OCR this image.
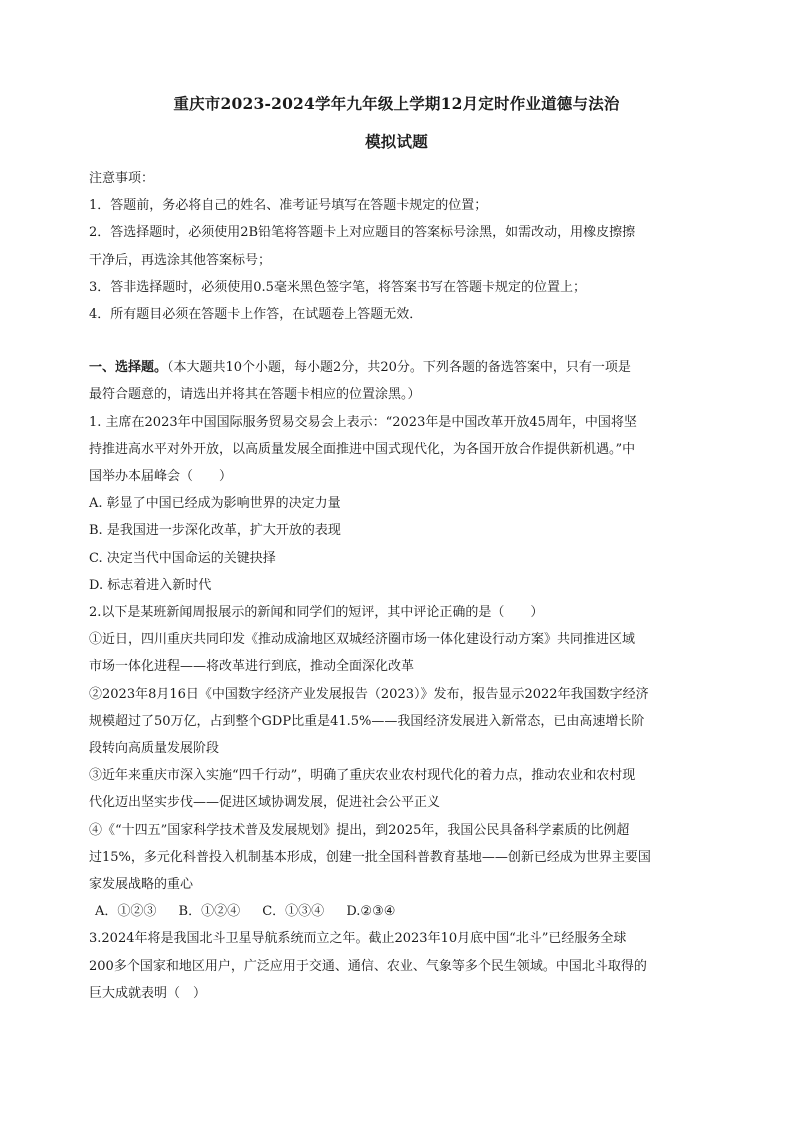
重庆市2023-2024学年九年级上学期12月定时作业道德与法治
模拟试题
注意事项：
1．答题前，务必将自己的姓名、准考证号填写在答题卡规定的位置；
2．答选择题时，必须使用2B铅笔将答题卡上对应题目的答案标号涂黑，如需改动，用橡皮擦擦
干净后，再选涂其他答案标号；
3．答非选择题时，必须使用0.5毫米黑色签字笔，将答案书写在答题卡规定的位置上；
4．所有题目必须在答题卡上作答，在试题卷上答题无效．
一、选择题。（本大题共10个小题，每小题2分，共20分。下列各题的备选答案中，只有一项是
最符合题意的，请选出并将其在答题卡相应的位置涂黑。）
1. 主席在2023年中国国际服务贸易交易会上表示：“2023年是中国改革开放45周年，中国将坚
持推进高水平对外开放，以高质量发展全面推进中国式现代化，为各国开放合作提供新机遇。”中
国举办本届峰会（　　）
A. 彰显了中国已经成为影响世界的决定力量
B. 是我国进一步深化改革，扩大开放的表现
C. 决定当代中国命运的关键抉择
D. 标志着进入新时代
2.以下是某班新闻周报展示的新闻和同学们的短评，其中评论正确的是（　　）
①近日，四川重庆共同印发《推动成渝地区双城经济圈市场一体化建设行动方案》共同推进区域
市场一体化进程——将改革进行到底，推动全面深化改革
②2023年8月16日《中国数字经济产业发展报告（2023）》发布，报告显示2022年我国数字经济
规模超过了50万亿，占到整个GDP比重是41.5%——我国经济发展进入新常态，已由高速增长阶
段转向高质量发展阶段
③近年来重庆市深入实施“四千行动”，明确了重庆农业农村现代化的着力点，推动农业和农村现
代化迈出坚实步伐——促进区域协调发展，促进社会公平正义
④《“十四五”国家科学技术普及发展规划》提出，到2025年，我国公民具备科学素质的比例超
过15%，多元化科普投入机制基本形成，创建一批全国科普教育基地——创新已经成为世界主要国
家发展战略的重心
A．①②③ B．①②④ C．①③④ D.②③④
3.2024年将是我国北斗卫星导航系统而立之年。截止2023年10月底中国“北斗”已经服务全球
200多个国家和地区用户，广泛应用于交通、通信、农业、气象等多个民生领域。中国北斗取得的
巨大成就表明（　）
